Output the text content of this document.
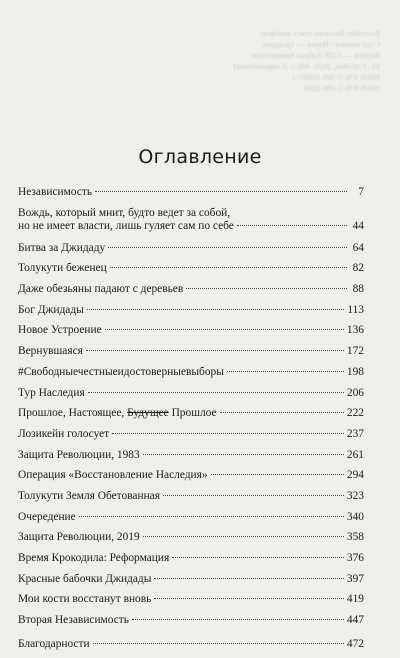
Бессейне Наллова текст колофон
Стая толики / Нарев — ерсадева
Корпов — СПб Азбука Комматение
М.: Стройка, 2026. 480 с. (Современная)
ISBN 978-5-389-20897-1
ISBN 978-5-389-2089
Оглавление
Независимость	7
Вождь, который мнит, будто ведет за собой,
но не имеет власти, лишь гуляет сам по себе	44
Битва за Джидаду	64
Толукути беженец	82
Даже обезьяны падают с деревьев	88
Бог Джидады	113
Новое Устроение	136
Вернувшаяся	172
#Свободныечестныеидостоверныевыборы	198
Тур Наследия	206
Прошлое, Настоящее, Будущее Прошлое	222
Лозикейи голосует	237
Защита Революции, 1983	261
Операция «Восстановление Наследия»	294
Толукути Земля Обетованная	323
Очередение	340
Защита Революции, 2019	358
Время Крокодила: Реформация	376
Красные бабочки Джидады	397
Мои кости восстанут вновь	419
Вторая Независимость	447
Благодарности	472
